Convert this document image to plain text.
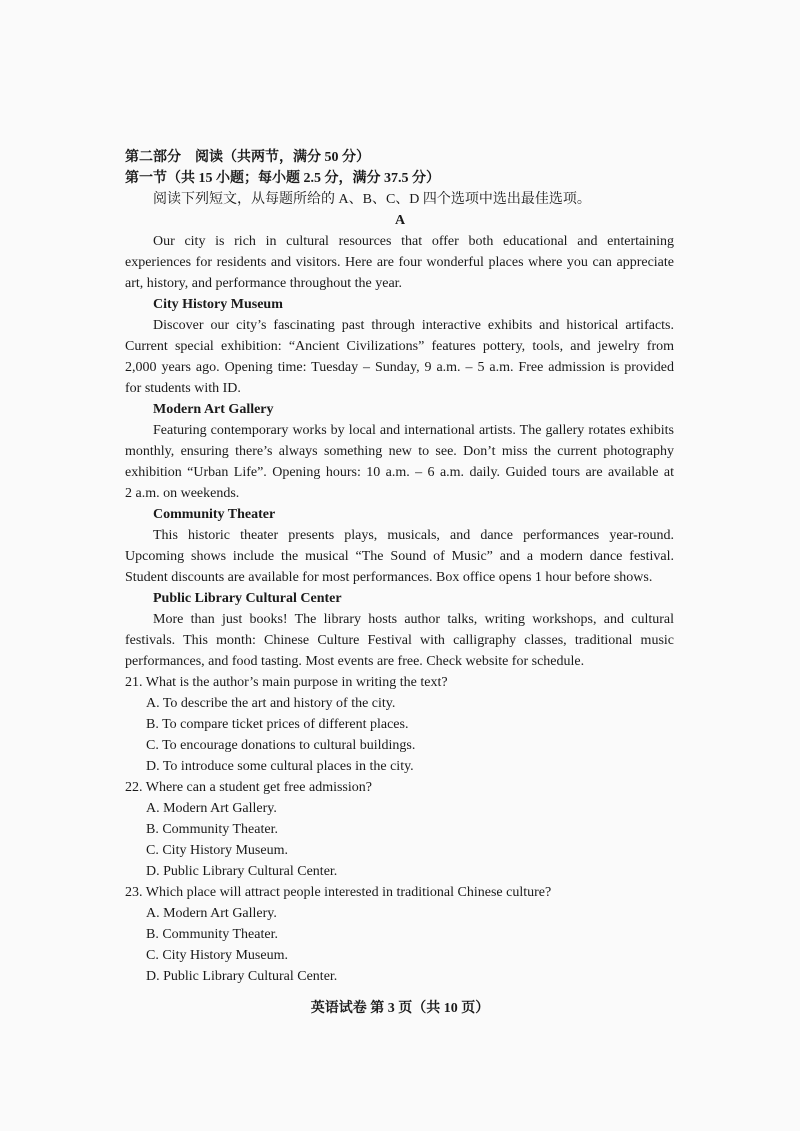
第二部分　阅读（共两节，满分 50 分）
第一节（共 15 小题；每小题 2.5 分，满分 37.5 分）
阅读下列短文，从每题所给的 A、B、C、D 四个选项中选出最佳选项。
A
Our city is rich in cultural resources that offer both educational and entertaining
experiences for residents and visitors. Here are four wonderful places where you can appreciate
art, history, and performance throughout the year.
City History Museum
Discover our city’s fascinating past through interactive exhibits and historical artifacts.
Current special exhibition: “Ancient Civilizations” features pottery, tools, and jewelry from
2,000 years ago. Opening time: Tuesday – Sunday, 9 a.m. – 5 a.m. Free admission is provided
for students with ID.
Modern Art Gallery
Featuring contemporary works by local and international artists. The gallery rotates exhibits
monthly, ensuring there’s always something new to see. Don’t miss the current photography
exhibition “Urban Life”. Opening hours: 10 a.m. – 6 a.m. daily. Guided tours are available at
2 a.m. on weekends.
Community Theater
This historic theater presents plays, musicals, and dance performances year-round.
Upcoming shows include the musical “The Sound of Music” and a modern dance festival.
Student discounts are available for most performances. Box office opens 1 hour before shows.
Public Library Cultural Center
More than just books! The library hosts author talks, writing workshops, and cultural
festivals. This month: Chinese Culture Festival with calligraphy classes, traditional music
performances, and food tasting. Most events are free. Check website for schedule.
21. What is the author’s main purpose in writing the text?
A. To describe the art and history of the city.
B. To compare ticket prices of different places.
C. To encourage donations to cultural buildings.
D. To introduce some cultural places in the city.
22. Where can a student get free admission?
A. Modern Art Gallery.
B. Community Theater.
C. City History Museum.
D. Public Library Cultural Center.
23. Which place will attract people interested in traditional Chinese culture?
A. Modern Art Gallery.
B. Community Theater.
C. City History Museum.
D. Public Library Cultural Center.
英语试卷 第 3 页（共 10 页）
